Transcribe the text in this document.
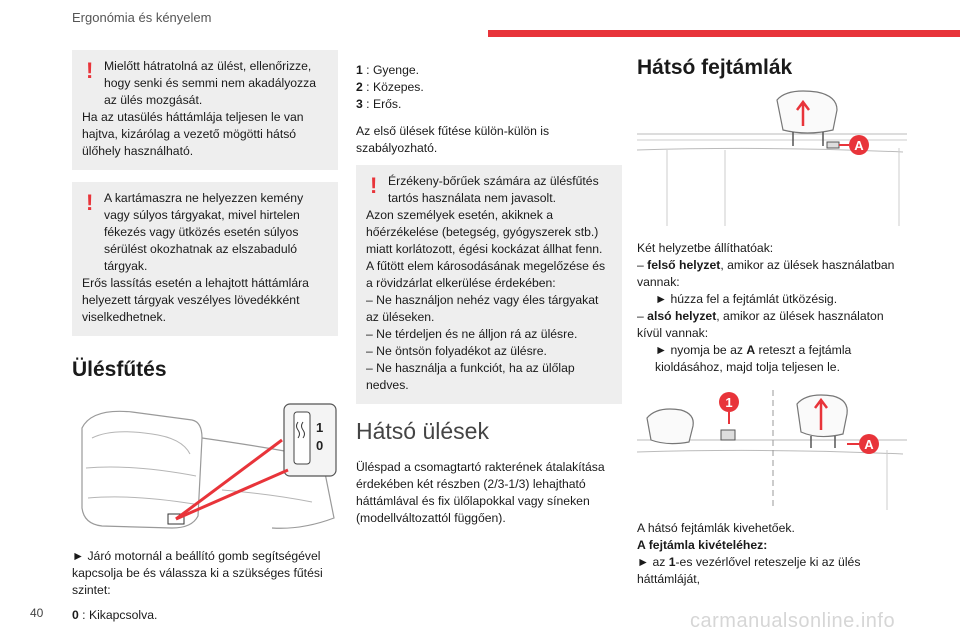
Ergonómia és kényelem
! Mielőtt hátratolná az ülést, ellenőrizze, hogy senki és semmi nem akadályozza az ülés mozgását.

Ha az utasülés háttámlája teljesen le van hajtva, kizárólag a vezető mögötti hátsó ülőhely használható.

! A kartámaszra ne helyezzen kemény vagy súlyos tárgyakat, mivel hirtelen fékezés vagy ütközés esetén súlyos sérülést okozhatnak az elszabaduló tárgyak.

Erős lassítás esetén a lehajtott háttámlára helyezett tárgyak veszélyes lövedékként viselkedhetnek.

Ülésfűtés
1
0

► Járó motornál a beállító gomb segítségével kapcsolja be és válassza ki a szükséges fűtési szintet:

0 : Kikapcsolva.
1 : Gyenge.
2 : Közepes.
3 : Erős.

Az első ülések fűtése külön-külön is szabályozható.

! Érzékeny-bőrűek számára az ülésfűtés tartós használata nem javasolt.

Azon személyek esetén, akiknek a hőérzékelése (betegség, gyógyszerek stb.) miatt korlátozott, égési kockázat állhat fenn.

A fűtött elem károsodásának megelőzése és a rövidzárlat elkerülése érdekében:

– Ne használjon nehéz vagy éles tárgyakat az üléseken.

– Ne térdeljen és ne álljon rá az ülésre.

– Ne öntsön folyadékot az ülésre.

– Ne használja a funkciót, ha az ülőlap nedves.

Hátsó ülések

Üléspad a csomagtartó rakterének átalakítása érdekében két részben (2/3-1/3) lehajtható háttámlával és fix ülőlapokkal vagy síneken (modellváltozattól függően).

Hátsó fejtámlák
A

Két helyzetbe állíthatóak:

– felső helyzet, amikor az ülések használatban vannak:

► húzza fel a fejtámlát ütközésig.

– alsó helyzet, amikor az ülések használaton kívül vannak:

► nyomja be az A reteszt a fejtámla kioldásához, majd tolja teljesen le.

1
A

A hátsó fejtámlák kivehetőek.

A fejtámla kivételéhez:

► az 1-es vezérlővel reteszelje ki az ülés háttámláját,

40	carmanualsonline.info
